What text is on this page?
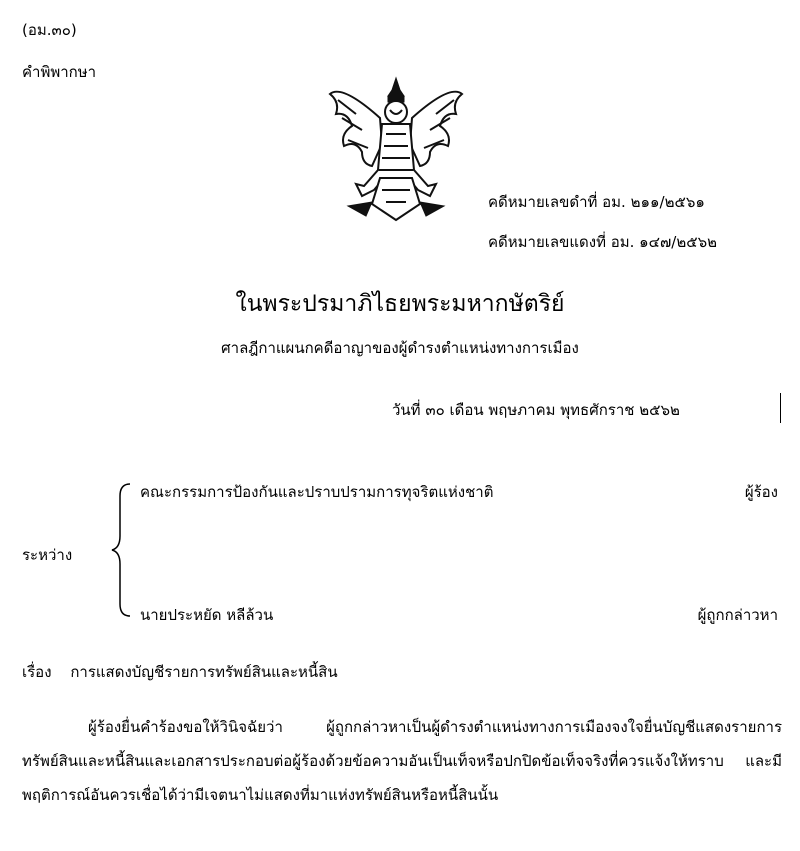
(อม.๓๐)
คำพิพากษา
คดีหมายเลขดำที่ อม. ๒๑๑/๒๕๖๑
คดีหมายเลขแดงที่ อม. ๑๔๗/๒๕๖๒
ในพระปรมาภิไธยพระมหากษัตริย์
ศาลฎีกาแผนกคดีอาญาของผู้ดำรงตำแหน่งทางการเมือง
วันที่ ๓๐ เดือน พฤษภาคม พุทธศักราช ๒๕๖๒
คณะกรรมการป้องกันและปราบปรามการทุจริตแห่งชาติ	ผู้ร้อง
ระหว่าง
นายประหยัด หลีล้วน	ผู้ถูกกล่าวหา
เรื่อง การแสดงบัญชีรายการทรัพย์สินและหนี้สิน

ผู้ร้องยื่นคำร้องขอให้วินิจฉัยว่า ผู้ถูกกล่าวหาเป็นผู้ดำรงตำแหน่งทางการเมืองจงใจยื่นบัญชีแสดงรายการทรัพย์สินและหนี้สินและเอกสารประกอบต่อผู้ร้องด้วยข้อความอันเป็นเท็จหรือปกปิดข้อเท็จจริงที่ควรแจ้งให้ทราบ และมีพฤติการณ์อันควรเชื่อได้ว่ามีเจตนาไม่แสดงที่มาแห่งทรัพย์สินหรือหนี้สินนั้น
